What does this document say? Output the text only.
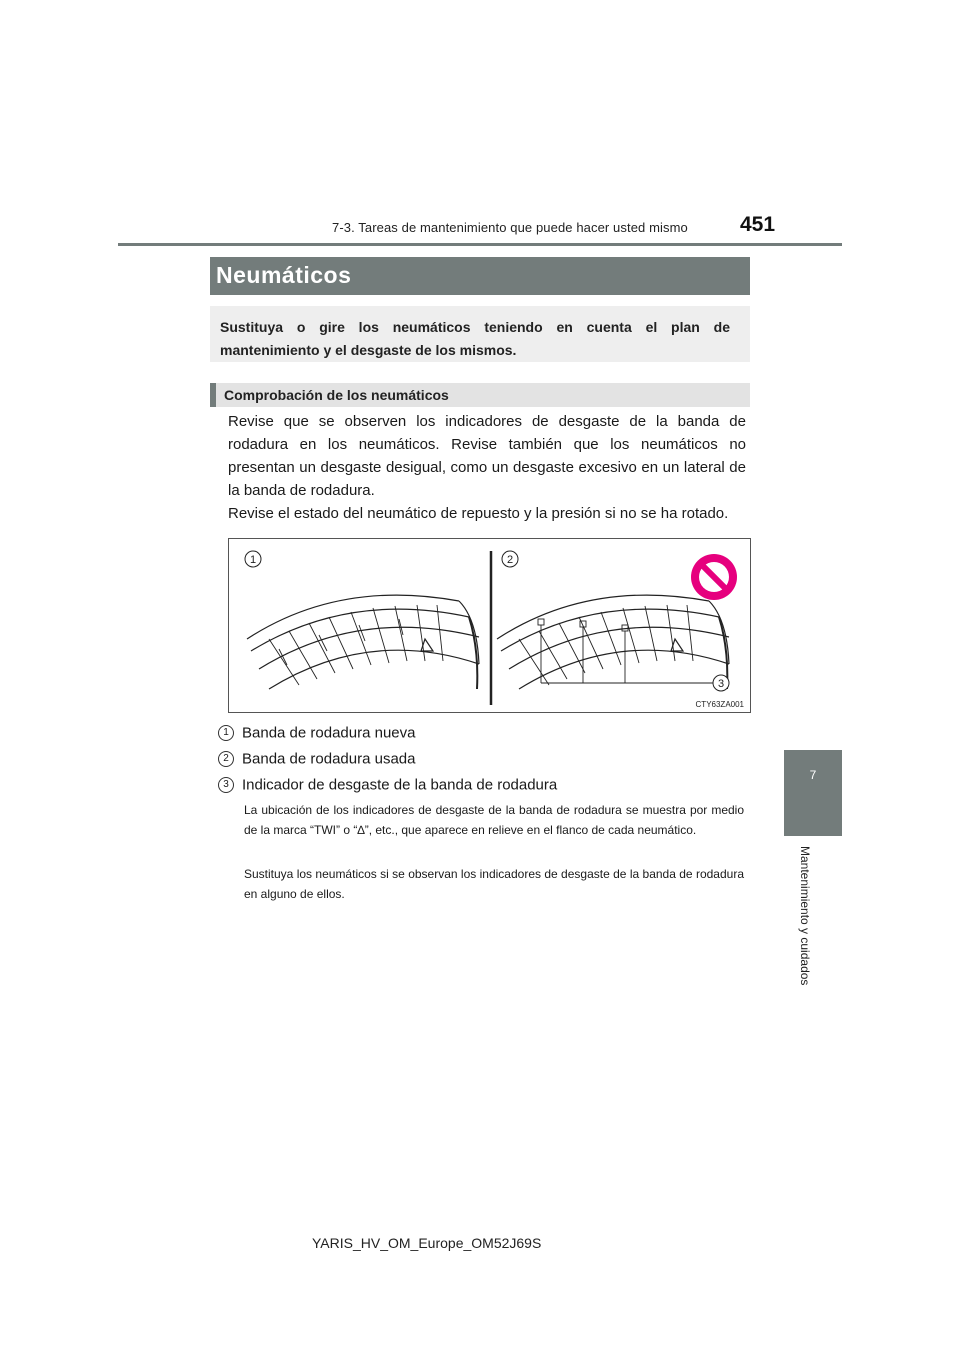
7-3. Tareas de mantenimiento que puede hacer usted mismo 451
7
Mantenimiento y cuidados
Neumáticos

Sustituya o gire los neumáticos teniendo en cuenta el plan de mantenimiento y el desgaste de los mismos.

Comprobación de los neumáticos

Revise que se observen los indicadores de desgaste de la banda de rodadura en los neumáticos. Revise también que los neumáticos no presentan un desgaste desigual, como un desgaste excesivo en un lateral de la banda de rodadura.

Revise el estado del neumático de repuesto y la presión si no se ha rotado.

1	2
3
CTY63ZA001
1 Banda de rodadura nueva
2 Banda de rodadura usada
3 Indicador de desgaste de la banda de rodadura

La ubicación de los indicadores de desgaste de la banda de rodadura se muestra por medio de la marca “TWI” o “∆”, etc., que aparece en relieve en el flanco de cada neumático.

Sustituya los neumáticos si se observan los indicadores de desgaste de la banda de rodadura en alguno de ellos.

YARIS_HV_OM_Europe_OM52J69S
